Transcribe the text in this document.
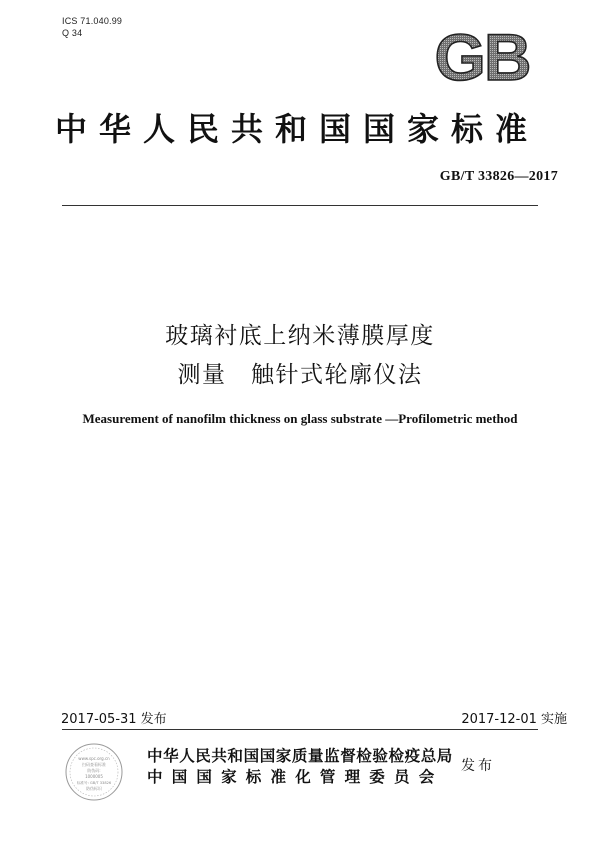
ICS 71.040.99
Q 34	GB
中华人民共和国国家标准
GB/T 33826—2017
玻璃衬底上纳米薄膜厚度
测量　触针式轮廓仪法
Measurement of nanofilm thickness on glass substrate —Profilometric method
2017-05-31 发布	2017-12-01 实施
www.spc.org.cn
扫码查看标准
防伪码:
1000005
标准号: GB/T 33826
防伪标识
中华人民共和国国家质量监督检验检疫总局
中国国家标准化管理委员会
发布
